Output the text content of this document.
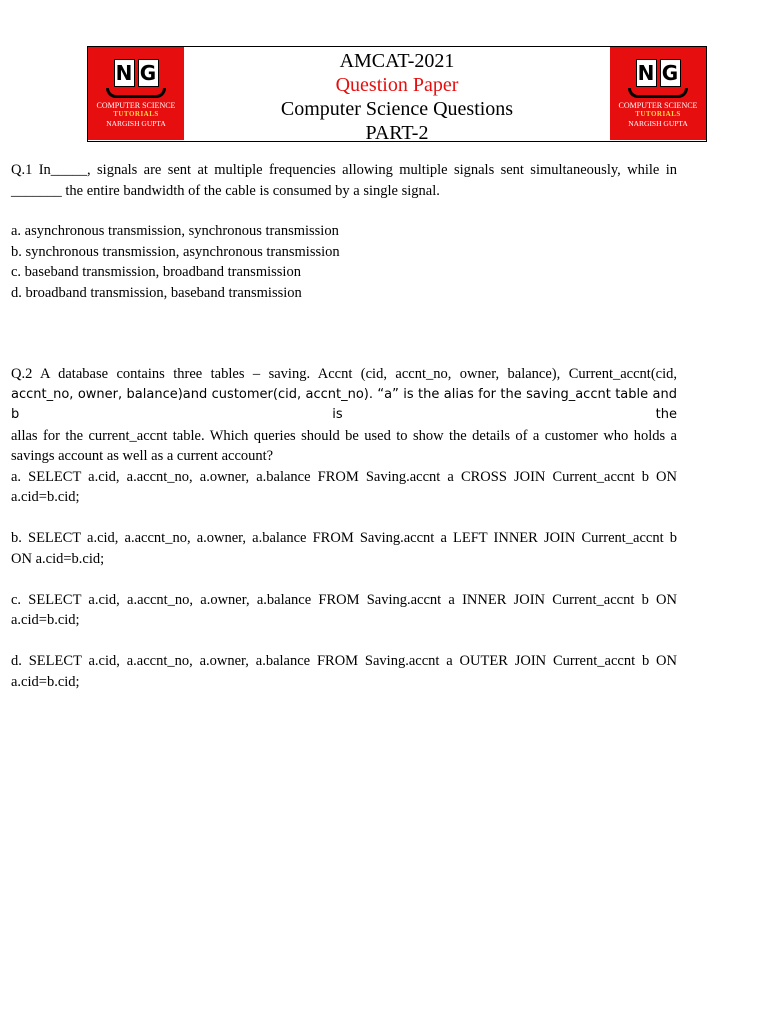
N G
COMPUTER SCIENCE
TUTORIALS
NARGISH GUPTA
AMCAT-2021
Question Paper
Computer Science Questions
PART-2
N G
COMPUTER SCIENCE
TUTORIALS
NARGISH GUPTA

Q.1 In_____, signals are sent at multiple frequencies allowing multiple signals sent simultaneously, while in

_______ the entire bandwidth of the cable is consumed by a single signal.

a. asynchronous transmission, synchronous transmission

b. synchronous transmission, asynchronous transmission

c. baseband transmission, broadband transmission

d. broadband transmission, baseband transmission

Q.2 A database contains three tables – saving. Accnt (cid, accnt_no, owner, balance), Current_accnt(cid,

accnt_no, owner, balance)and customer(cid, accnt_no). “a” is the alias for the saving_accnt table and b is the

allas for the current_accnt table. Which queries should be used to show the details of a customer who holds a

savings account as well as a current account?

a. SELECT a.cid, a.accnt_no, a.owner, a.balance FROM Saving.accnt a CROSS JOIN Current_accnt b ON

a.cid=b.cid;

b. SELECT a.cid, a.accnt_no, a.owner, a.balance FROM Saving.accnt a LEFT INNER JOIN Current_accnt b

ON a.cid=b.cid;

c. SELECT a.cid, a.accnt_no, a.owner, a.balance FROM Saving.accnt a INNER JOIN Current_accnt b ON

a.cid=b.cid;

d. SELECT a.cid, a.accnt_no, a.owner, a.balance FROM Saving.accnt a OUTER JOIN Current_accnt b ON

a.cid=b.cid;
